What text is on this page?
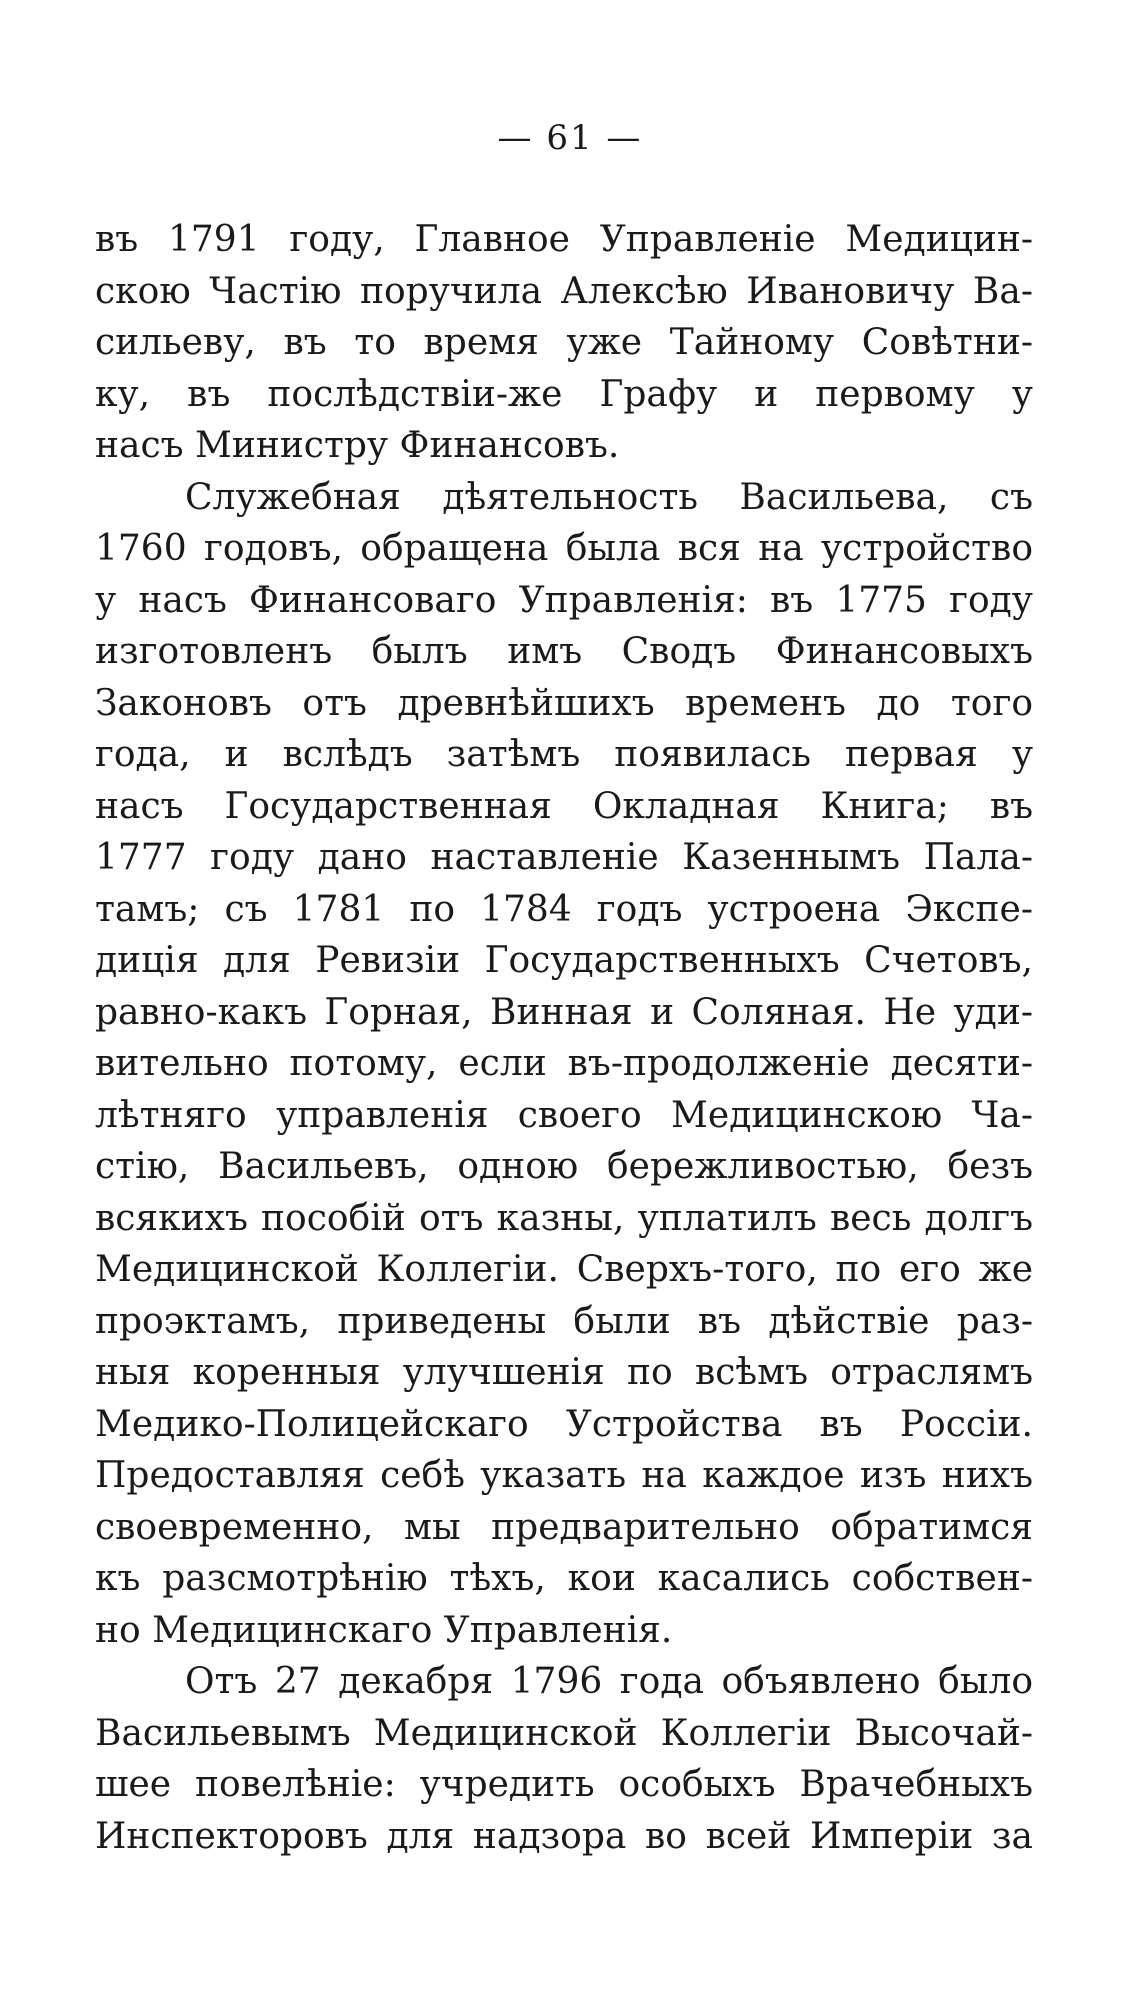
— 61 —
въ 1791 году, Главное Управленіе Медицин-
скою Частію поручила Алексѣю Ивановичу Ва-
сильеву, въ то время уже Тайному Совѣтни-
ку, въ послѣдствіи-же Графу и первому у
насъ Министру Финансовъ.
Служебная дѣятельность Васильева, съ
1760 годовъ, обращена была вся на устройство
у насъ Финансоваго Управленія: въ 1775 году
изготовленъ былъ имъ Сводъ Финансовыхъ
Законовъ отъ древнѣйшихъ временъ до того
года, и вслѣдъ затѣмъ появилась первая у
насъ Государственная Окладная Книга; въ
1777 году дано наставленіе Казеннымъ Пала-
тамъ; съ 1781 по 1784 годъ устроена Экспе-
диція для Ревизіи Государственныхъ Счетовъ,
равно-какъ Горная, Винная и Соляная. Не уди-
вительно потому, если въ-продолженіе десяти-
лѣтняго управленія своего Медицинскою Ча-
стію, Васильевъ, одною бережливостью, безъ
всякихъ пособій отъ казны, уплатилъ весь долгъ
Медицинской Коллегіи. Сверхъ-того, по его же
проэктамъ, приведены были въ дѣйствіе раз-
ныя коренныя улучшенія по всѣмъ отраслямъ
Медико-Полицейскаго Устройства въ Россіи.
Предоставляя себѣ указать на каждое изъ нихъ
своевременно, мы предварительно обратимся
къ разсмотрѣнію тѣхъ, кои касались собствен-
но Медицинскаго Управленія.
Отъ 27 декабря 1796 года объявлено было
Васильевымъ Медицинской Коллегіи Высочай-
шее повелѣніе: учредить особыхъ Врачебныхъ
Инспекторовъ для надзора во всей Имперіи за
